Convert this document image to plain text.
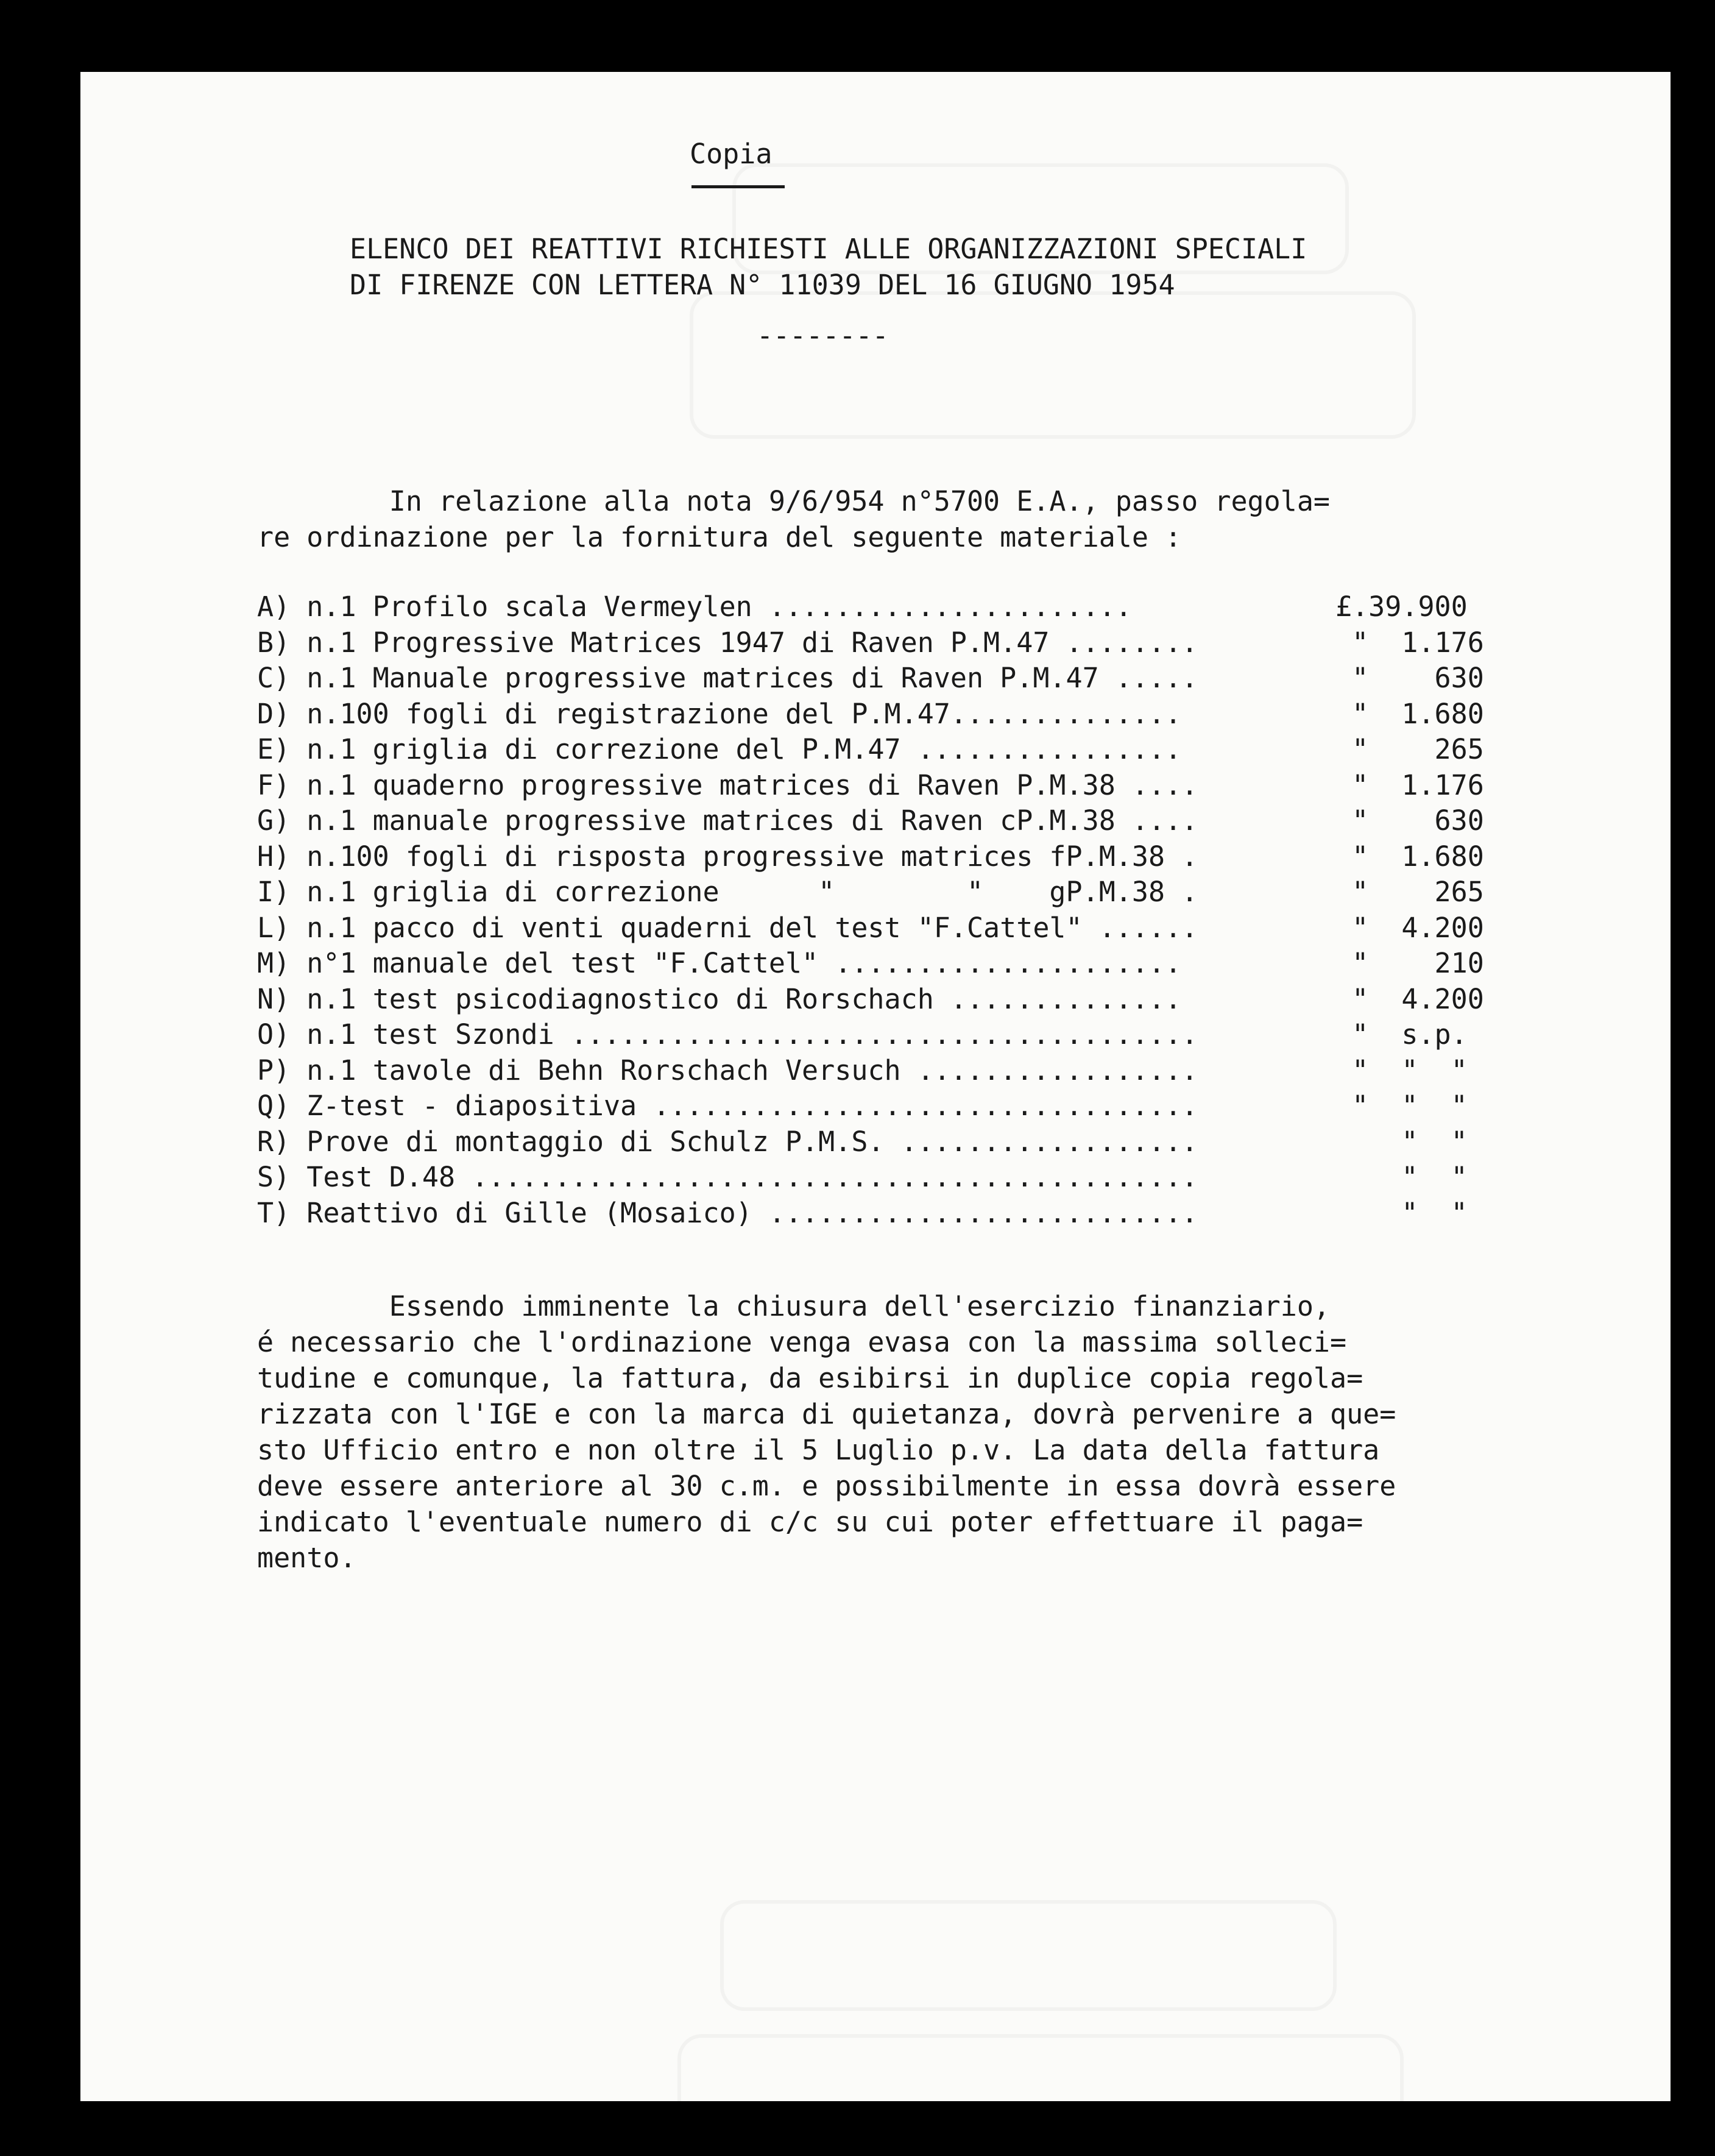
Copia
ELENCO DEI REATTIVI RICHIESTI ALLE ORGANIZZAZIONI SPECIALI
DI FIRENZE CON LETTERA N° 11039 DEL 16 GIUGNO 1954
--------
In relazione alla nota 9/6/954 n°5700 E.A., passo regola=
re ordinazione per la fornitura del seguente materiale :
A) n.1 Profilo scala Vermeylen ......................	£.39.900
B) n.1 Progressive Matrices 1947 di Raven P.M.47 ........	"  1.176
C) n.1 Manuale progressive matrices di Raven P.M.47 .....	"    630
D) n.100 fogli di registrazione del P.M.47..............	"  1.680
E) n.1 griglia di correzione del P.M.47 ................	"    265
F) n.1 quaderno progressive matrices di Raven P.M.38 ....	"  1.176
G) n.1 manuale progressive matrices di Raven cP.M.38 ....	"    630
H) n.100 fogli di risposta progressive matrices fP.M.38 .	"  1.680
I) n.1 griglia di correzione      "        "    gP.M.38 .	"    265
L) n.1 pacco di venti quaderni del test "F.Cattel" ......	"  4.200
M) n°1 manuale del test "F.Cattel" .....................	"    210
N) n.1 test psicodiagnostico di Rorschach ..............	"  4.200
O) n.1 test Szondi ......................................	"  s.p.
P) n.1 tavole di Behn Rorschach Versuch .................	"  "  "
Q) Z-test - diapositiva .................................	"  "  "
R) Prove di montaggio di Schulz P.M.S. ..................	"  "
S) Test D.48 ............................................	"  "
T) Reattivo di Gille (Mosaico) ..........................	"  "
Essendo imminente la chiusura dell'esercizio finanziario,
é necessario che l'ordinazione venga evasa con la massima solleci=
tudine e comunque, la fattura, da esibirsi in duplice copia regola=
rizzata con l'IGE e con la marca di quietanza, dovrà pervenire a que=
sto Ufficio entro e non oltre il 5 Luglio p.v. La data della fattura
deve essere anteriore al 30 c.m. e possibilmente in essa dovrà essere
indicato l'eventuale numero di c/c su cui poter effettuare il paga=
mento.
